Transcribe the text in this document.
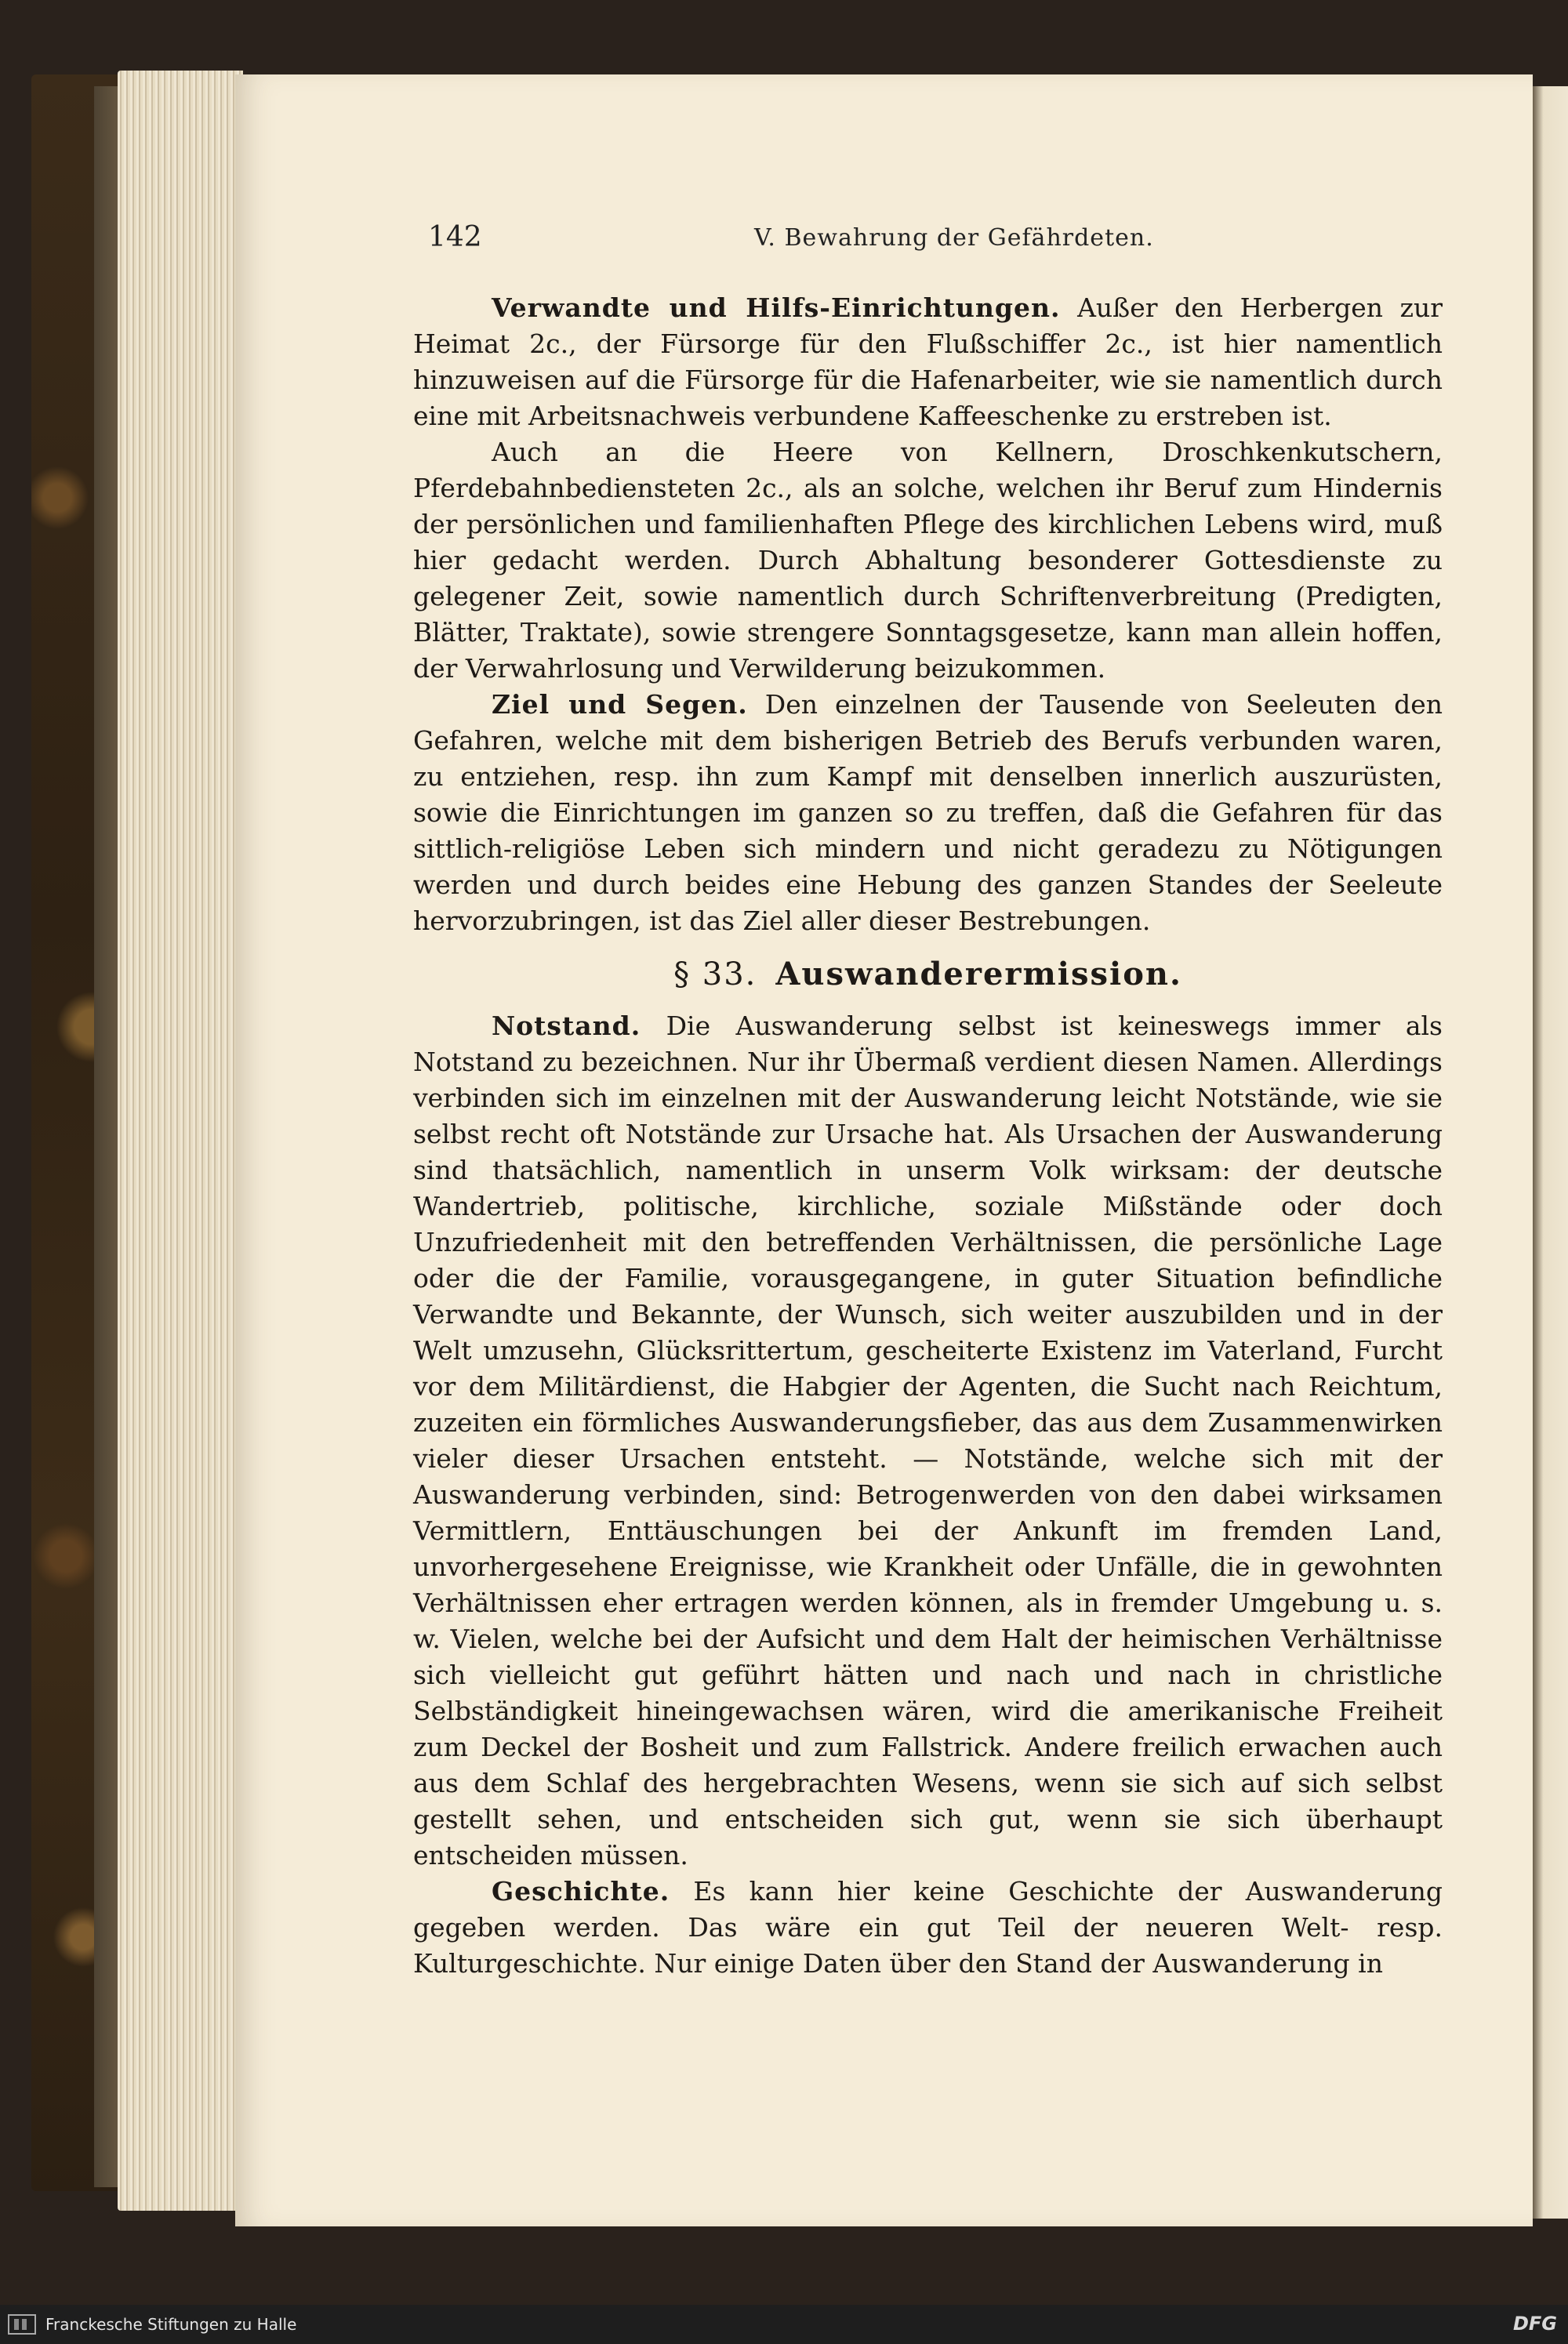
142	V. Bewahrung der Gefährdeten.

Verwandte und Hilfs-Einrichtungen. Außer den Herbergen zur Heimat 2c., der Fürsorge für den Flußschiffer 2c., ist hier namentlich hinzuweisen auf die Fürsorge für die Hafenarbeiter, wie sie namentlich durch eine mit Arbeitsnachweis verbundene Kaffeeschenke zu erstreben ist.

Auch an die Heere von Kellnern, Droschkenkutschern, Pferdebahnbediensteten 2c., als an solche, welchen ihr Beruf zum Hindernis der persönlichen und familienhaften Pflege des kirchlichen Lebens wird, muß hier gedacht werden. Durch Abhaltung besonderer Gottesdienste zu gelegener Zeit, sowie namentlich durch Schriftenverbreitung (Predigten, Blätter, Traktate), sowie strengere Sonntagsgesetze, kann man allein hoffen, der Verwahrlosung und Verwilderung beizukommen.

Ziel und Segen. Den einzelnen der Tausende von Seeleuten den Gefahren, welche mit dem bisherigen Betrieb des Berufs verbunden waren, zu entziehen, resp. ihn zum Kampf mit denselben innerlich auszurüsten, sowie die Einrichtungen im ganzen so zu treffen, daß die Gefahren für das sittlich-religiöse Leben sich mindern und nicht geradezu zu Nötigungen werden und durch beides eine Hebung des ganzen Standes der Seeleute hervorzubringen, ist das Ziel aller dieser Bestrebungen.

§ 33. Auswanderermission.

Notstand. Die Auswanderung selbst ist keineswegs immer als Notstand zu bezeichnen. Nur ihr Übermaß verdient diesen Namen. Allerdings verbinden sich im einzelnen mit der Auswanderung leicht Notstände, wie sie selbst recht oft Notstände zur Ursache hat. Als Ursachen der Auswanderung sind thatsächlich, namentlich in unserm Volk wirksam: der deutsche Wandertrieb, politische, kirchliche, soziale Mißstände oder doch Unzufriedenheit mit den betreffenden Verhältnissen, die persönliche Lage oder die der Familie, vorausgegangene, in guter Situation befindliche Verwandte und Bekannte, der Wunsch, sich weiter auszubilden und in der Welt umzusehn, Glücksrittertum, gescheiterte Existenz im Vaterland, Furcht vor dem Militärdienst, die Habgier der Agenten, die Sucht nach Reichtum, zuzeiten ein förmliches Auswanderungsfieber, das aus dem Zusammenwirken vieler dieser Ursachen entsteht. — Notstände, welche sich mit der Auswanderung verbinden, sind: Betrogenwerden von den dabei wirksamen Vermittlern, Enttäuschungen bei der Ankunft im fremden Land, unvorhergesehene Ereignisse, wie Krankheit oder Unfälle, die in gewohnten Verhältnissen eher ertragen werden können, als in fremder Umgebung u. s. w. Vielen, welche bei der Aufsicht und dem Halt der heimischen Verhältnisse sich vielleicht gut geführt hätten und nach und nach in christliche Selbständigkeit hineingewachsen wären, wird die amerikanische Freiheit zum Deckel der Bosheit und zum Fallstrick. Andere freilich erwachen auch aus dem Schlaf des hergebrachten Wesens, wenn sie sich auf sich selbst gestellt sehen, und entscheiden sich gut, wenn sie sich überhaupt entscheiden müssen.

Geschichte. Es kann hier keine Geschichte der Auswanderung gegeben werden. Das wäre ein gut Teil der neueren Welt- resp. Kulturgeschichte. Nur einige Daten über den Stand der Auswanderung in

Franckesche Stiftungen zu Halle	DFG
